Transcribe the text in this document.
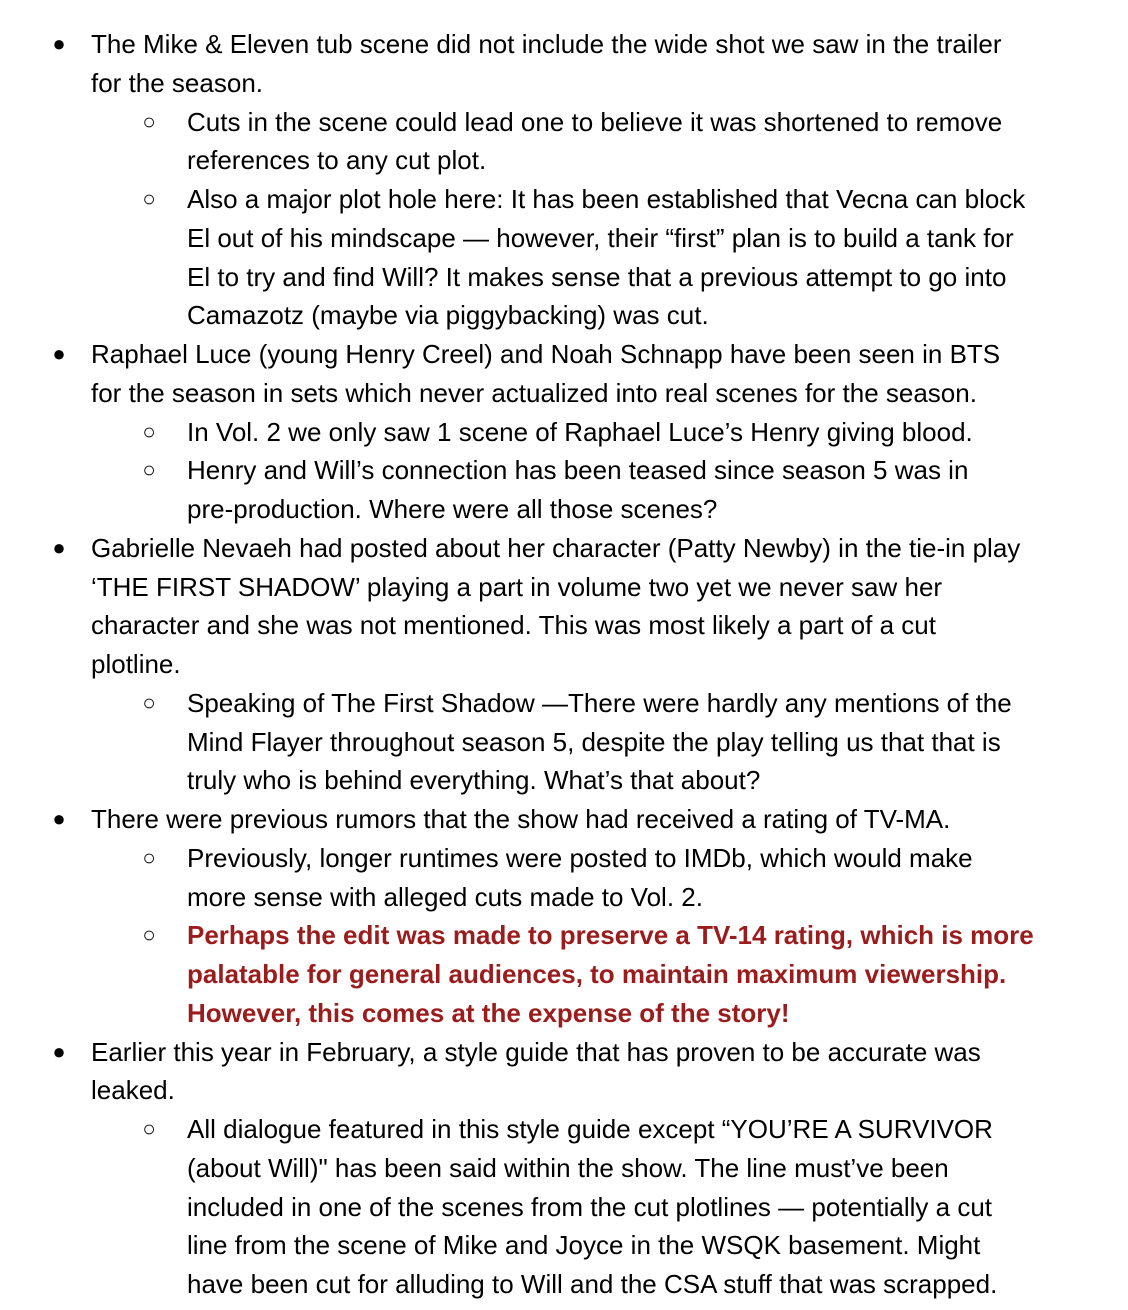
● The Mike & Eleven tub scene did not include the wide shot we saw in the trailer
for the season.
○ Cuts in the scene could lead one to believe it was shortened to remove
references to any cut plot.
○ Also a major plot hole here: It has been established that Vecna can block
El out of his mindscape — however, their “first” plan is to build a tank for
El to try and find Will? It makes sense that a previous attempt to go into
Camazotz (maybe via piggybacking) was cut.
● Raphael Luce (young Henry Creel) and Noah Schnapp have been seen in BTS
for the season in sets which never actualized into real scenes for the season.
○ In Vol. 2 we only saw 1 scene of Raphael Luce’s Henry giving blood.
○ Henry and Will’s connection has been teased since season 5 was in
pre-production. Where were all those scenes?
● Gabrielle Nevaeh had posted about her character (Patty Newby) in the tie-in play
‘THE FIRST SHADOW’ playing a part in volume two yet we never saw her
character and she was not mentioned. This was most likely a part of a cut
plotline.
○ Speaking of The First Shadow —There were hardly any mentions of the
Mind Flayer throughout season 5, despite the play telling us that that is
truly who is behind everything. What’s that about?
● There were previous rumors that the show had received a rating of TV-MA.
○ Previously, longer runtimes were posted to IMDb, which would make
more sense with alleged cuts made to Vol. 2.
○ Perhaps the edit was made to preserve a TV-14 rating, which is more
palatable for general audiences, to maintain maximum viewership.
However, this comes at the expense of the story!
● Earlier this year in February, a style guide that has proven to be accurate was
leaked.
○ All dialogue featured in this style guide except “YOU’RE A SURVIVOR
(about Will)" has been said within the show. The line must’ve been
included in one of the scenes from the cut plotlines — potentially a cut
line from the scene of Mike and Joyce in the WSQK basement. Might
have been cut for alluding to Will and the CSA stuff that was scrapped.
